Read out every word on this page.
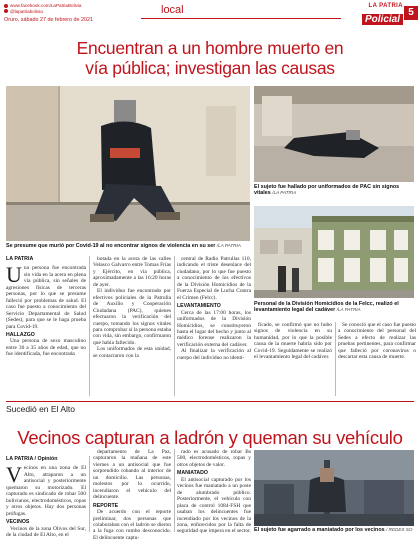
www.facebook.com/LaPatriaBolivia
@lapatriabolivia
Oruro, sábado 27 de febrero de 2021
local	LA PATRIA
Policial
5
Encuentran a un hombre muerto en
vía pública; investigan las causas
Se presume que murió por Covid-19 al no encontrar signos de violencia en su ser /LA PATRIA
El sujeto fue hallado por uniformados de PAC sin signos vitales /LA PATRIA
Personal de la División Homicidios de la Felcc, realizó el levantamiento legal del cadáver /LA PATRIA
LA PATRIA
U na persona fue encontrada sin vida en la acera en plena vía pública, sin señales de agresiones físicas de terceras personas, por lo que se presume falleció por problemas de salud. El caso fue puesto a conocimiento del Servicio Departamental de Salud (Sedes), para que se le haga prueba para Covid-19.
HALLAZGO

Una persona de sexo masculino entre 30 a 35 años de edad, que no fue identificada, fue encontrada

botada en la acera de las calles Velasco Galvarro entre Tomas Frías y Ejército, en vía pública, aproximadamente a las 16:20 horas de ayer.

El individuo fue encontrado por efectivos policiales de la Patrulla de Auxilio y Cooperación Ciudadana (PAC), quienes efectuaron la verificación del cuerpo, tomando los signos vitales para comprobar si la persona estaba con vida, sin embargo, confirmaron que había fallecido.

Los uniformados de esta unidad, se contactaron con la

central de Radio Patrullas 110, indicando el triste desenlace del ciudadano, por lo que fue puesto a conocimiento de los efectivos de la División Homicidios de la Fuerza Especial de Lucha Contra el Crimen (Felcc).

LEVANTAMIENTO

Cerca de las 17:00 horas, los uniformados de la División Homicidios, se constituyeron hasta el lugar del hecho y junto al médico forense realizaron la verificación externa del cadáver.

Al finalizar la verificación al cuerpo del individuo no identi-

ficado, se confirmó que no hubo signos de violencia en su humanidad, por lo que la posible causa de la muerte habría sido por Covid-19. Seguidamente se realizó el levantamiento legal del cadáver.

Se conoció que el caso fue puesto a conocimiento del personal del Sedes a efecto de realizar las pruebas pertinentes, para confirmar que falleció por coronavirus o descartar esta causa de muerte.

Sucedió en El Alto
Vecinos capturan a ladrón y queman su vehículo
LA PATRIA / Opinión
V ecinos en una zona de El Alto, atraparon a un antisocial y posteriormente quemaron su motorizado. El capturado es sindicado de robar 500 bolivianos, electrodomésticos, ropas y otros objetos. Hay dos personas prófugas.
VECINOS

Vecinos de la zona Olivos del Sur, de la ciudad de El Alto, en el

departamento de La Paz, capturaron la mañana de este viernes a un antisocial que fue sorprendido robando al interior de un domicilio. Las personas, molestos por lo ocurrido, incendiaron el vehículo del delincuente.

REPORTE

De acuerdo con el reporte preliminar, dos personas que colaboraban con el ladrón se dieron a la fuga con rumbo desconocido. El delincuente captu-

rado es acusado de robar Bs 500, electrodomésticos, ropas y otros objetos de valor.

MANIATADO

El antisocial capturado por los vecinos fue maniatado a un poste de alumbrado público. Posteriormente, el vehículo con placa de control 1084-FSH que usaban los delincuentes fue incendiado por los vecinos de la zona, enfurecidos por la falta de seguridad que impera en el sector. El sujeto fue agarrado a maniatado por los vecinos / REDES SO
